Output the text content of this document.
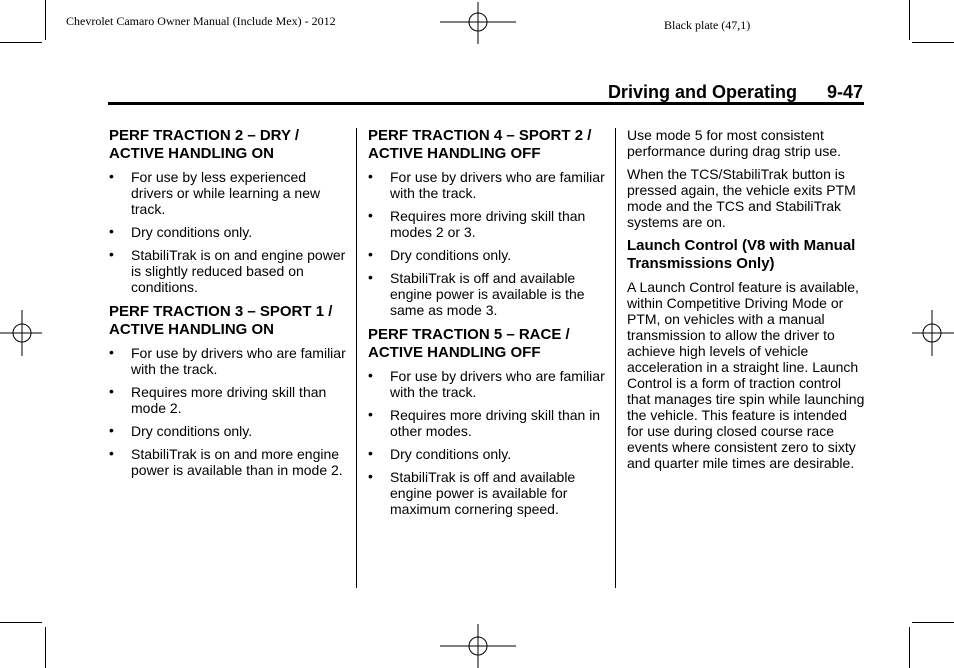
Chevrolet Camaro Owner Manual (Include Mex) - 2012	Black plate (47,1)
Driving and Operating 9-47
PERF TRACTION 2 – DRY / ACTIVE HANDLING ON
• For use by less experienced drivers or while learning a new track.
• Dry conditions only.
• StabiliTrak is on and engine power is slightly reduced based on conditions.
PERF TRACTION 3 – SPORT 1 / ACTIVE HANDLING ON
• For use by drivers who are familiar with the track.
• Requires more driving skill than mode 2.
• Dry conditions only.
• StabiliTrak is on and more engine power is available than in mode 2.
PERF TRACTION 4 – SPORT 2 / ACTIVE HANDLING OFF
• For use by drivers who are familiar with the track.
• Requires more driving skill than modes 2 or 3.
• Dry conditions only.
• StabiliTrak is off and available engine power is available is the same as mode 3.
PERF TRACTION 5 – RACE / ACTIVE HANDLING OFF
• For use by drivers who are familiar with the track.
• Requires more driving skill than in other modes.
• Dry conditions only.
• StabiliTrak is off and available engine power is available for maximum cornering speed.

Use mode 5 for most consistent performance during drag strip use.

When the TCS/StabiliTrak button is pressed again, the vehicle exits PTM mode and the TCS and StabiliTrak systems are on.

Launch Control (V8 with Manual Transmissions Only)

A Launch Control feature is available, within Competitive Driving Mode or PTM, on vehicles with a manual transmission to allow the driver to achieve high levels of vehicle acceleration in a straight line. Launch Control is a form of traction control that manages tire spin while launching the vehicle. This feature is intended for use during closed course race events where consistent zero to sixty and quarter mile times are desirable.
